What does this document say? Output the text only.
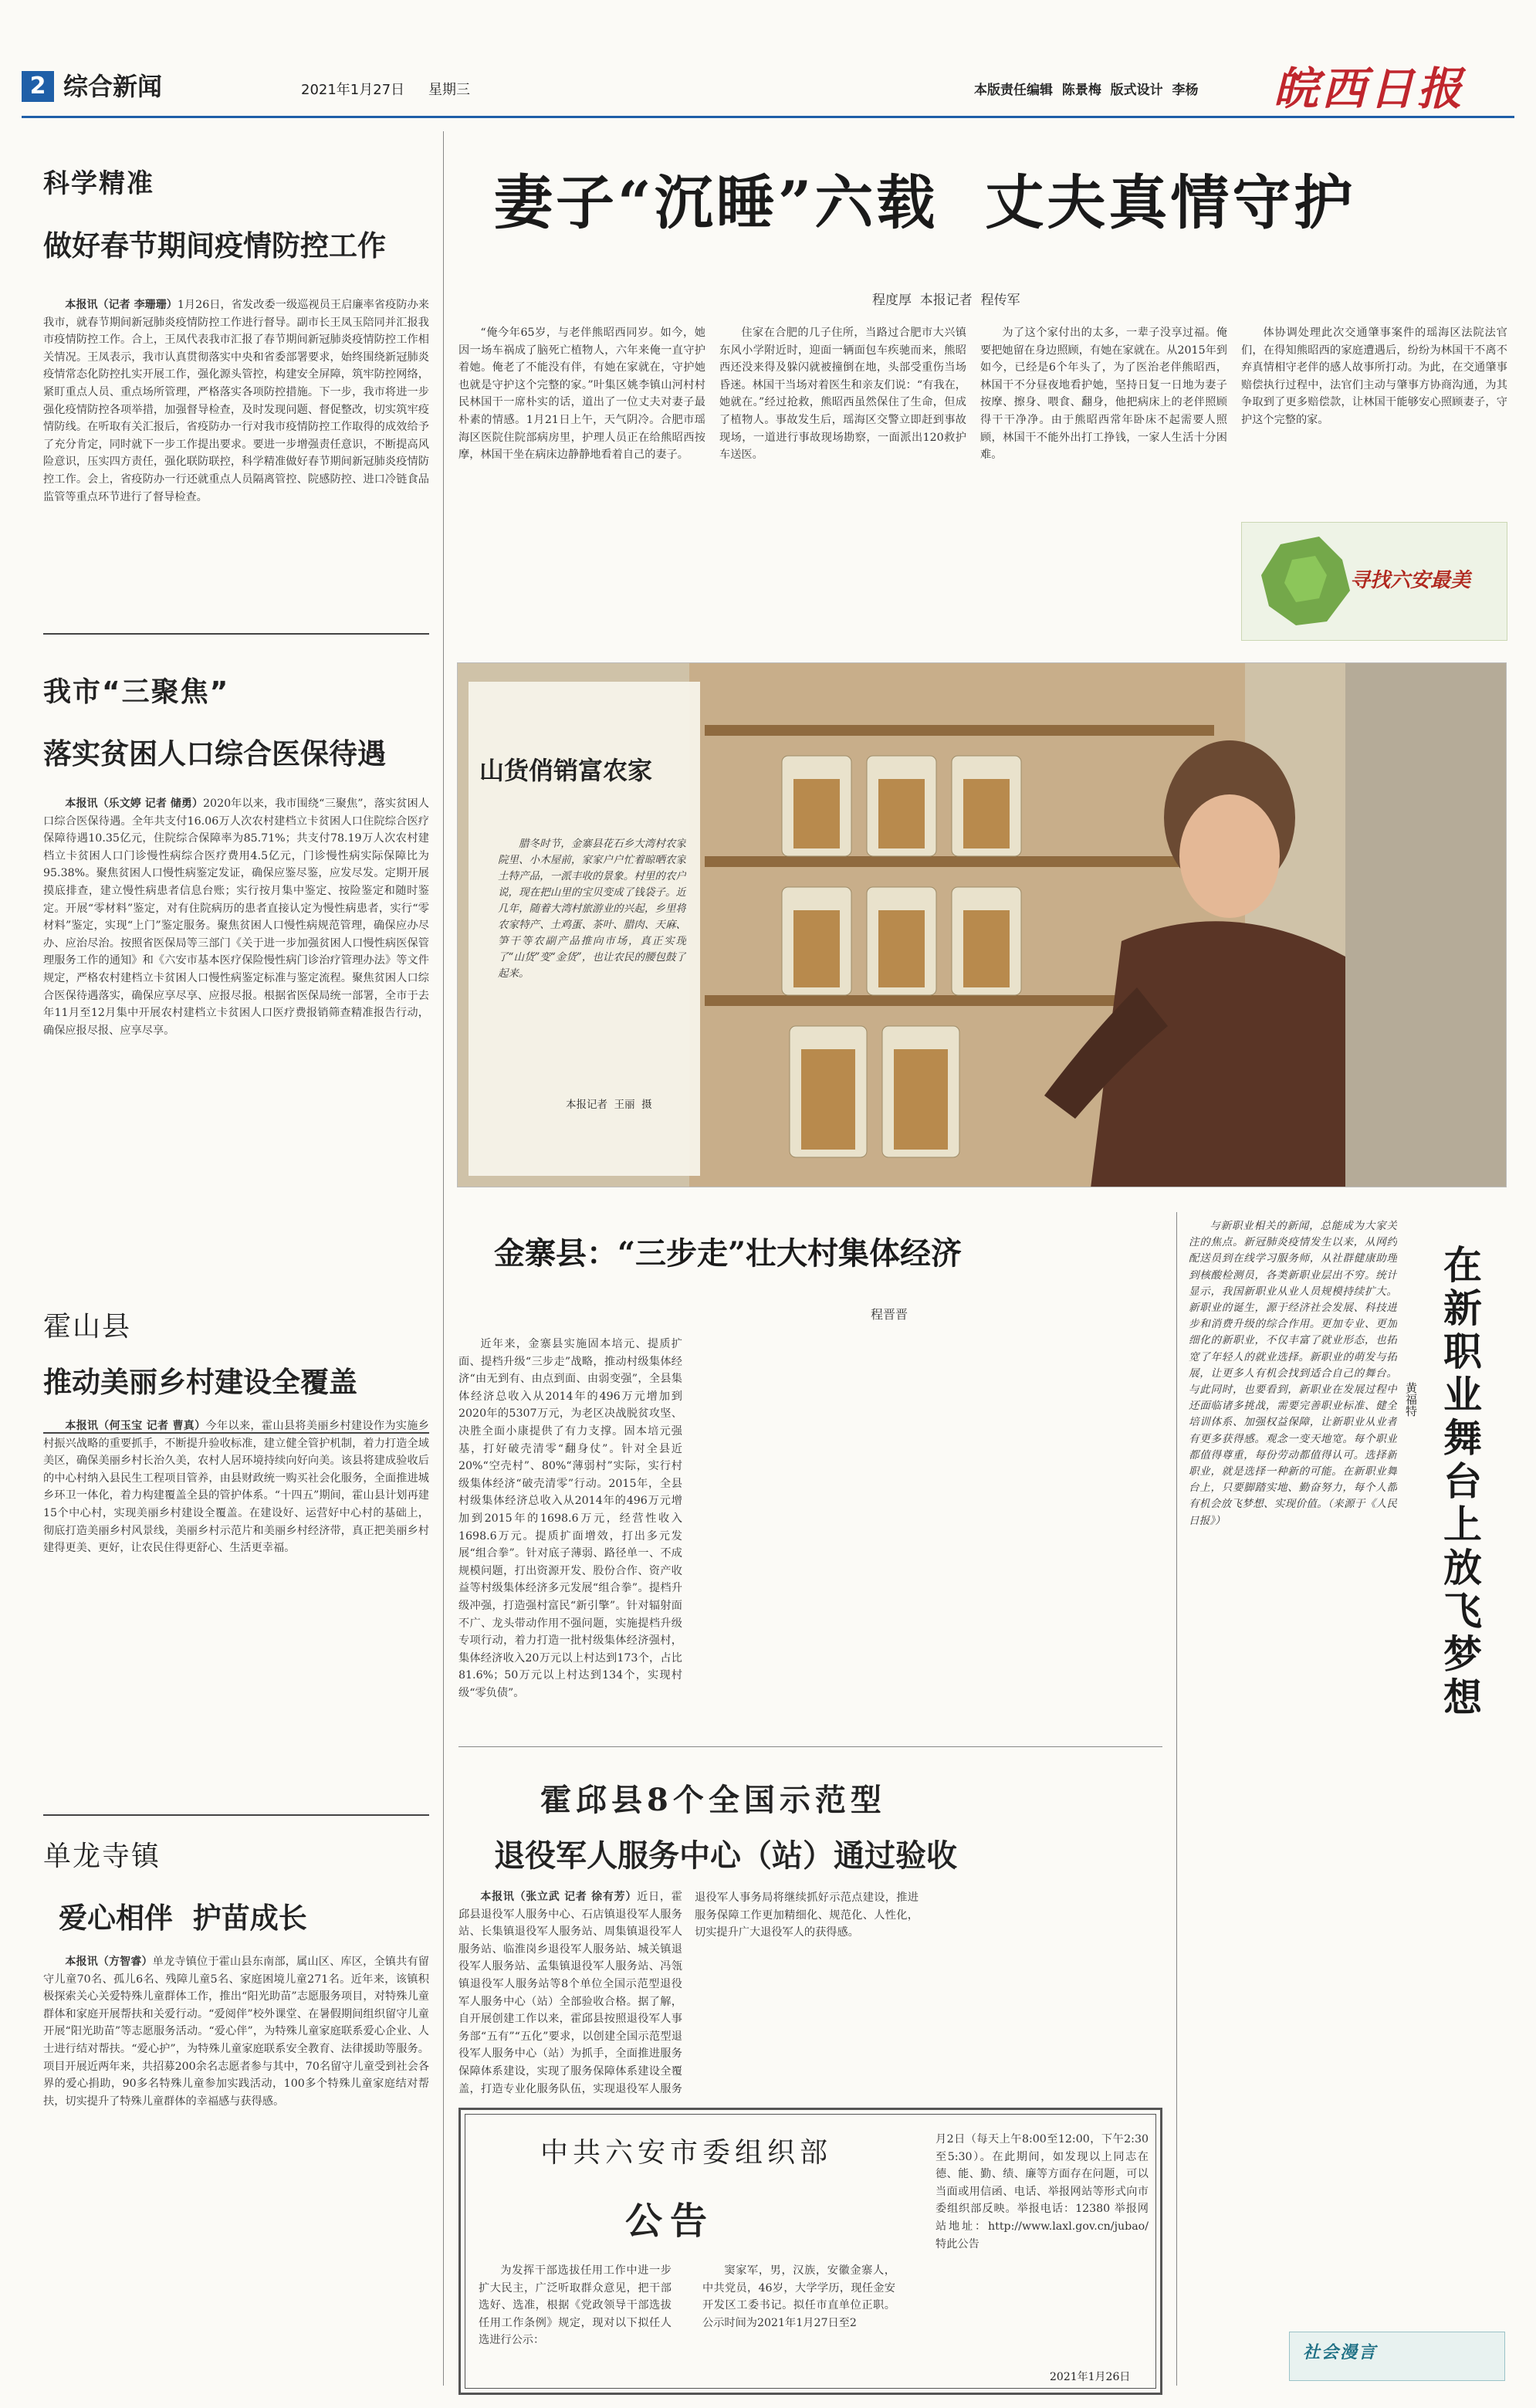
2 综合新闻	2021年1月27日 星期三	本版责任编辑  陈景梅  版式设计  李杨 皖西日报
科学精准
做好春节期间疫情防控工作
本报讯（记者 李珊珊）1月26日，省发改委一级巡视员王启廉率省疫防办来我市，就春节期间新冠肺炎疫情防控工作进行督导。副市长王凤玉陪同并汇报我市疫情防控工作。合上，王凤代表我市汇报了春节期间新冠肺炎疫情防控工作相关情况。王凤表示，我市认真贯彻落实中央和省委部署要求，始终围绕新冠肺炎疫情常态化防控扎实开展工作，强化源头管控，构建安全屏障，筑牢防控网络，紧盯重点人员、重点场所管理，严格落实各项防控措施。下一步，我市将进一步强化疫情防控各项举措，加强督导检查，及时发现问题、督促整改，切实筑牢疫情防线。在听取有关汇报后，省疫防办一行对我市疫情防控工作取得的成效给予了充分肯定，同时就下一步工作提出要求。要进一步增强责任意识，不断提高风险意识，压实四方责任，强化联防联控，科学精准做好春节期间新冠肺炎疫情防控工作。会上，省疫防办一行还就重点人员隔离管控、院感防控、进口冷链食品监管等重点环节进行了督导检查。
我市“三聚焦”
落实贫困人口综合医保待遇
本报讯（乐文婷 记者 储勇）2020年以来，我市围绕“三聚焦”，落实贫困人口综合医保待遇。全年共支付16.06万人次农村建档立卡贫困人口住院综合医疗保障待遇10.35亿元，住院综合保障率为85.71%；共支付78.19万人次农村建档立卡贫困人口门诊慢性病综合医疗费用4.5亿元，门诊慢性病实际保障比为95.38%。聚焦贫困人口慢性病鉴定发证，确保应鉴尽鉴，应发尽发。定期开展摸底排查，建立慢性病患者信息台账；实行按月集中鉴定、按险鉴定和随时鉴定。开展“零材料”鉴定，对有住院病历的患者直接认定为慢性病患者，实行“零材料”鉴定，实现“上门”鉴定服务。聚焦贫困人口慢性病规范管理，确保应办尽办、应治尽治。按照省医保局等三部门《关于进一步加强贫困人口慢性病医保管理服务工作的通知》和《六安市基本医疗保险慢性病门诊治疗管理办法》等文件规定，严格农村建档立卡贫困人口慢性病鉴定标准与鉴定流程。聚焦贫困人口综合医保待遇落实，确保应享尽享、应报尽报。根据省医保局统一部署，全市于去年11月至12月集中开展农村建档立卡贫困人口医疗费报销筛查精准报告行动，确保应报尽报、应享尽享。
霍山县
推动美丽乡村建设全覆盖
本报讯（何玉宝 记者 曹真）今年以来，霍山县将美丽乡村建设作为实施乡村振兴战略的重要抓手，不断提升验收标准，建立健全管护机制，着力打造全域美区，确保美丽乡村长治久美，农村人居环境持续向好向美。该县将建成验收后的中心村纳入县民生工程项目管养，由县财政统一购买社会化服务，全面推进城乡环卫一体化，着力构建覆盖全县的管护体系。“十四五”期间，霍山县计划再建15个中心村，实现美丽乡村建设全覆盖。在建设好、运营好中心村的基础上，彻底打造美丽乡村风景线，美丽乡村示范片和美丽乡村经济带，真正把美丽乡村建得更美、更好，让农民住得更舒心、生活更幸福。
单龙寺镇
爱心相伴  护苗成长
本报讯（方智睿）单龙寺镇位于霍山县东南部，属山区、库区，全镇共有留守儿童70名、孤儿6名、残障儿童5名、家庭困境儿童271名。近年来，该镇积极探索关心关爱特殊儿童群体工作，推出“阳光助苗”志愿服务项目，对特殊儿童群体和家庭开展帮扶和关爱行动。“爱阅伴”校外课堂、在暑假期间组织留守儿童开展“阳光助苗”等志愿服务活动。“爱心伴”，为特殊儿童家庭联系爱心企业、人士进行结对帮扶。“爱心护”，为特殊儿童家庭联系安全教育、法律援助等服务。项目开展近两年来，共招募200余名志愿者参与其中，70名留守儿童受到社会各界的爱心捐助，90多名特殊儿童参加实践活动，100多个特殊儿童家庭结对帮扶，切实提升了特殊儿童群体的幸福感与获得感。
妻子“沉睡”六载  丈夫真情守护
程度厚  本报记者  程传军
“俺今年65岁，与老伴熊昭西同岁。如今，她因一场车祸成了脑死亡植物人，六年来俺一直守护着她。俺老了不能没有伴，有她在家就在，守护她也就是守护这个完整的家。”叶集区姚李镇山河村村民林国干一席朴实的话，道出了一位丈夫对妻子最朴素的情感。1月21日上午，天气阴冷。合肥市瑶海区医院住院部病房里，护理人员正在给熊昭西按摩，林国干坐在病床边静静地看着自己的妻子。
住家在合肥的几子住所，当路过合肥市大兴镇东风小学附近时，迎面一辆面包车疾驰而来，熊昭西还没来得及躲闪就被撞倒在地，头部受重伤当场昏迷。林国干当场对着医生和亲友们说：“有我在，她就在。”经过抢救，熊昭西虽然保住了生命，但成了植物人。事故发生后，瑶海区交警立即赶到事故现场，一道进行事故现场勘察，一面派出120救护车送医。
为了这个家付出的太多，一辈子没享过福。俺要把她留在身边照顾，有她在家就在。从2015年到如今，已经是6个年头了，为了医治老伴熊昭西，林国干不分昼夜地看护她，坚持日复一日地为妻子按摩、擦身、喂食、翻身，他把病床上的老伴照顾得干干净净。由于熊昭西常年卧床不起需要人照顾，林国干不能外出打工挣钱，一家人生活十分困难。
体协调处理此次交通肇事案件的瑶海区法院法官们，在得知熊昭西的家庭遭遇后，纷纷为林国干不离不弃真情相守老伴的感人故事所打动。为此，在交通肇事赔偿执行过程中，法官们主动与肇事方协商沟通，为其争取到了更多赔偿款，让林国干能够安心照顾妻子，守护这个完整的家。
寻找六安最美
山货俏销富农家
腊冬时节，金寨县花石乡大湾村农家院里、小木屋前，家家户户忙着晾晒农家土特产品，一派丰收的景象。村里的农户说，现在把山里的宝贝变成了钱袋子。近几年，随着大湾村旅游业的兴起，乡里将农家特产、土鸡蛋、茶叶、腊肉、天麻、笋干等农副产品推向市场，真正实现了“山货”变“金货”，也让农民的腰包鼓了起来。
本报记者  王丽  摄
金寨县：“三步走”壮大村集体经济
程晋晋
近年来，金寨县实施固本培元、提质扩面、提档升级“三步走”战略，推动村级集体经济“由无到有、由点到面、由弱变强”，全县集体经济总收入从2014年的496万元增加到2020年的5307万元，为老区决战脱贫攻坚、决胜全面小康提供了有力支撑。固本培元强基，打好破壳清零“翻身仗”。针对全县近20%“空壳村”、80%“薄弱村”实际，实行村级集体经济“破壳清零”行动。2015年，全县村级集体经济总收入从2014年的496万元增加到2015年的1698.6万元，经营性收入1698.6万元。提质扩面增效，打出多元发展“组合拳”。针对底子薄弱、路径单一、不成规模问题，打出资源开发、股份合作、资产收益等村级集体经济多元发展“组合拳”。提档升级冲强，打造强村富民“新引擎”。针对辐射面不广、龙头带动作用不强问题，实施提档升级专项行动，着力打造一批村级集体经济强村，集体经济收入20万元以上村达到173个，占比81.6%；50万元以上村达到134个，实现村级“零负债”。
霍邱县8个全国示范型
退役军人服务中心（站）通过验收
本报讯（张立武 记者 徐有芳）近日，霍邱县退役军人服务中心、石店镇退役军人服务站、长集镇退役军人服务站、周集镇退役军人服务站、临淮岗乡退役军人服务站、城关镇退役军人服务站、孟集镇退役军人服务站、冯瓴镇退役军人服务站等8个单位全国示范型退役军人服务中心（站）全部验收合格。据了解，自开展创建工作以来，霍邱县按照退役军人事务部“五有”“五化”要求，以创建全国示范型退役军人服务中心（站）为抓手，全面推进服务保障体系建设，实现了服务保障体系建设全覆盖，打造专业化服务队伍，实现退役军人服务
退役军人事务局将继续抓好示范点建设，推进服务保障工作更加精细化、规范化、人性化，切实提升广大退役军人的获得感。
中共六安市委组织部
公告
为发挥干部选拔任用工作中进一步扩大民主，广泛听取群众意见，把干部选好、选准，根据《党政领导干部选拔任用工作条例》规定，现对以下拟任人选进行公示：
窦家军，男，汉族，安徽金寨人，中共党员，46岁，大学学历，现任金安开发区工委书记。拟任市直单位正职。公示时间为2021年1月27日至2
月2日（每天上午8:00至12:00，下午2:30至5:30）。在此期间，如发现以上同志在德、能、勤、绩、廉等方面存在问题，可以当面或用信函、电话、举报网站等形式向市委组织部反映。举报电话：12380 举报网站地址：http://www.laxl.gov.cn/jubao/ 特此公告
2021年1月26日
与新职业相关的新闻，总能成为大家关注的焦点。新冠肺炎疫情发生以来，从网约配送员到在线学习服务师，从社群健康助理到核酸检测员，各类新职业层出不穷。统计显示，我国新职业从业人员规模持续扩大。新职业的诞生，源于经济社会发展、科技进步和消费升级的综合作用。更加专业、更加细化的新职业，不仅丰富了就业形态，也拓宽了年轻人的就业选择。新职业的萌发与拓展，让更多人有机会找到适合自己的舞台。与此同时，也要看到，新职业在发展过程中还面临诸多挑战，需要完善职业标准、健全培训体系、加强权益保障，让新职业从业者有更多获得感。观念一变天地宽。每个职业都值得尊重，每份劳动都值得认可。选择新职业，就是选择一种新的可能。在新职业舞台上，只要脚踏实地、勤奋努力，每个人都有机会放飞梦想、实现价值。（来源于《人民日报》）	在新职业舞台上放飞梦想
黄福特
社会漫言
